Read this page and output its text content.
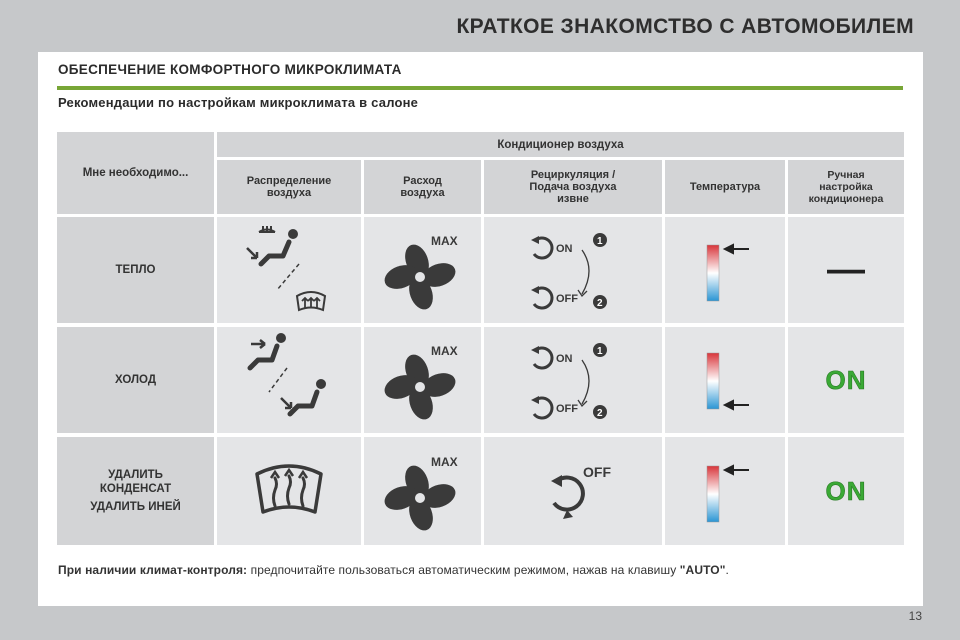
КРАТКОЕ ЗНАКОМСТВО С АВТОМОБИЛЕМ
ОБЕСПЕЧЕНИЕ КОМФОРТНОГО МИКРОКЛИМАТА
Рекомендации по настройкам микроклимата в салоне
Мне необходимо...
Кондиционер воздуха
Распределение
воздуха
Расход
воздуха
Рециркуляция /
Подача воздуха
извне
Температура
Ручная
настройка
кондиционера
ТЕПЛО
MAX
ON
OFF
1
2
—
ХОЛОД
MAX
ON
OFF
1
2
ON
УДАЛИТЬ
КОНДЕНСАТ
УДАЛИТЬ ИНЕЙ
MAX
OFF
ON
При наличии климат-контроля: предпочитайте пользоваться автоматическим режимом, нажав на клавишу "AUTO".
13
